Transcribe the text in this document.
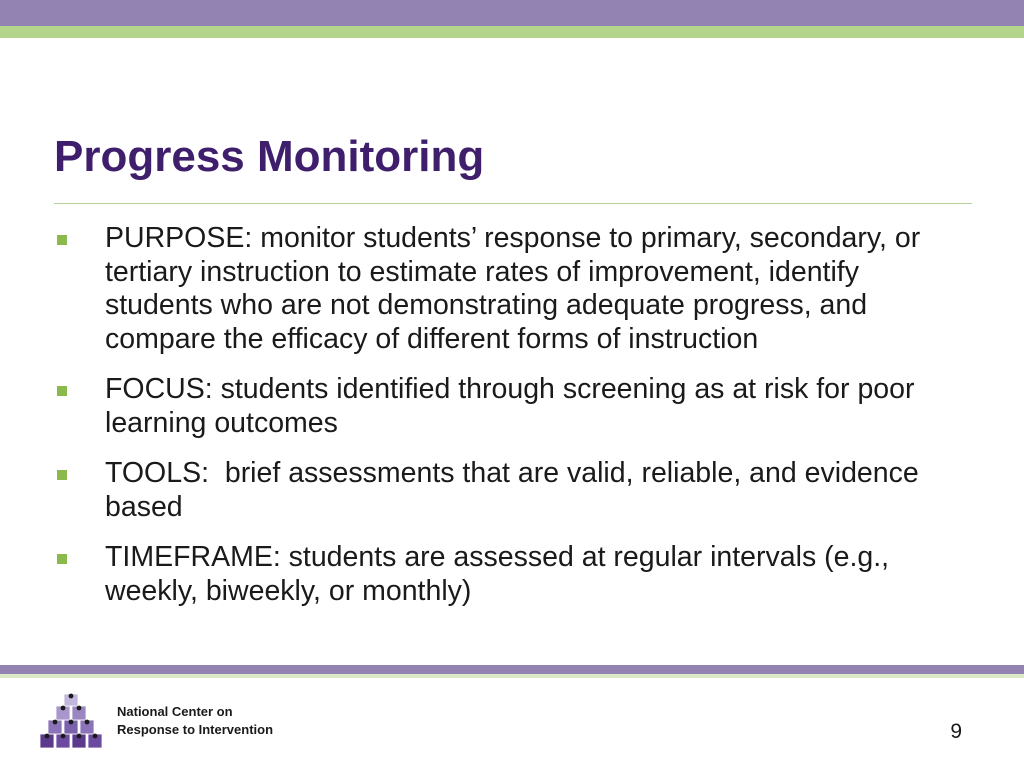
Progress Monitoring
PURPOSE: monitor students’ response to primary, secondary, or tertiary instruction to estimate rates of improvement, identify students who are not demonstrating adequate progress, and compare the efficacy of different forms of instruction
FOCUS: students identified through screening as at risk for poor learning outcomes
TOOLS:  brief assessments that are valid, reliable, and evidence based
TIMEFRAME: students are assessed at regular intervals (e.g., weekly, biweekly, or monthly)
National Center on
Response to Intervention	9
